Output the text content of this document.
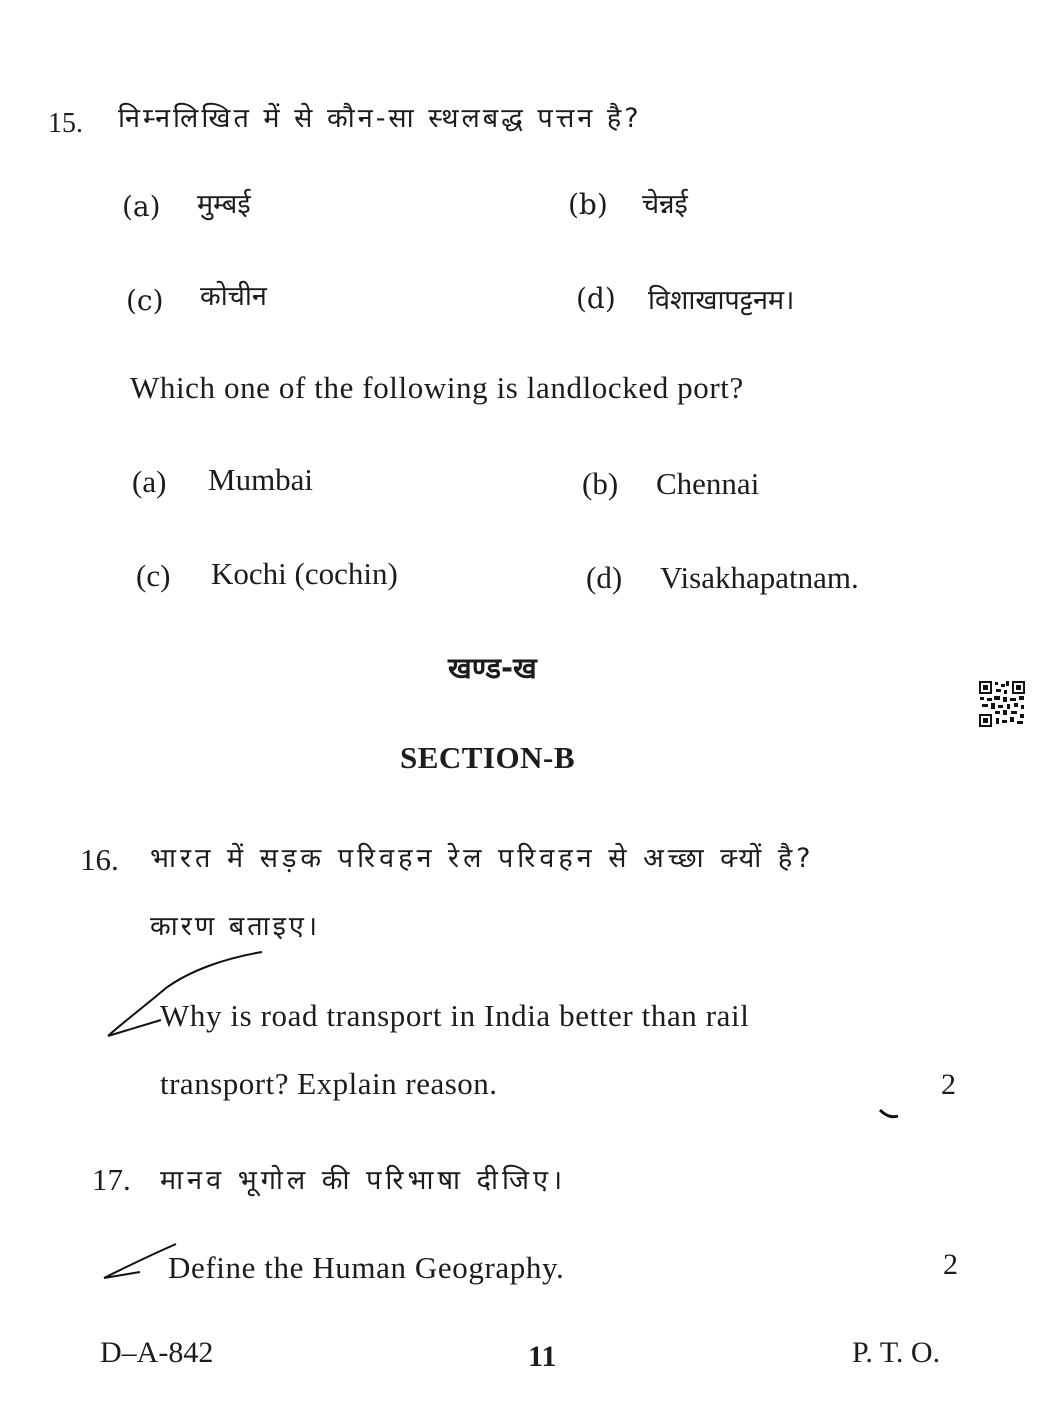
15. निम्नलिखित में से कौन-सा स्थलबद्ध पत्तन है?
(a) मुम्बई	(b) चेन्नई
(c) कोचीन	(d) विशाखापट्टनम।
Which one of the following is landlocked port?
(a) Mumbai	(b) Chennai
(c) Kochi (cochin)	(d) Visakhapatnam.
खण्ड-ख
SECTION-B
16. भारत में सड़क परिवहन रेल परिवहन से अच्छा क्यों है?
कारण बताइए।
Why is road transport in India better than rail
transport? Explain reason.	2
17. मानव भूगोल की परिभाषा दीजिए।
Define the Human Geography.	2
D–A-842	11	P. T. O.
